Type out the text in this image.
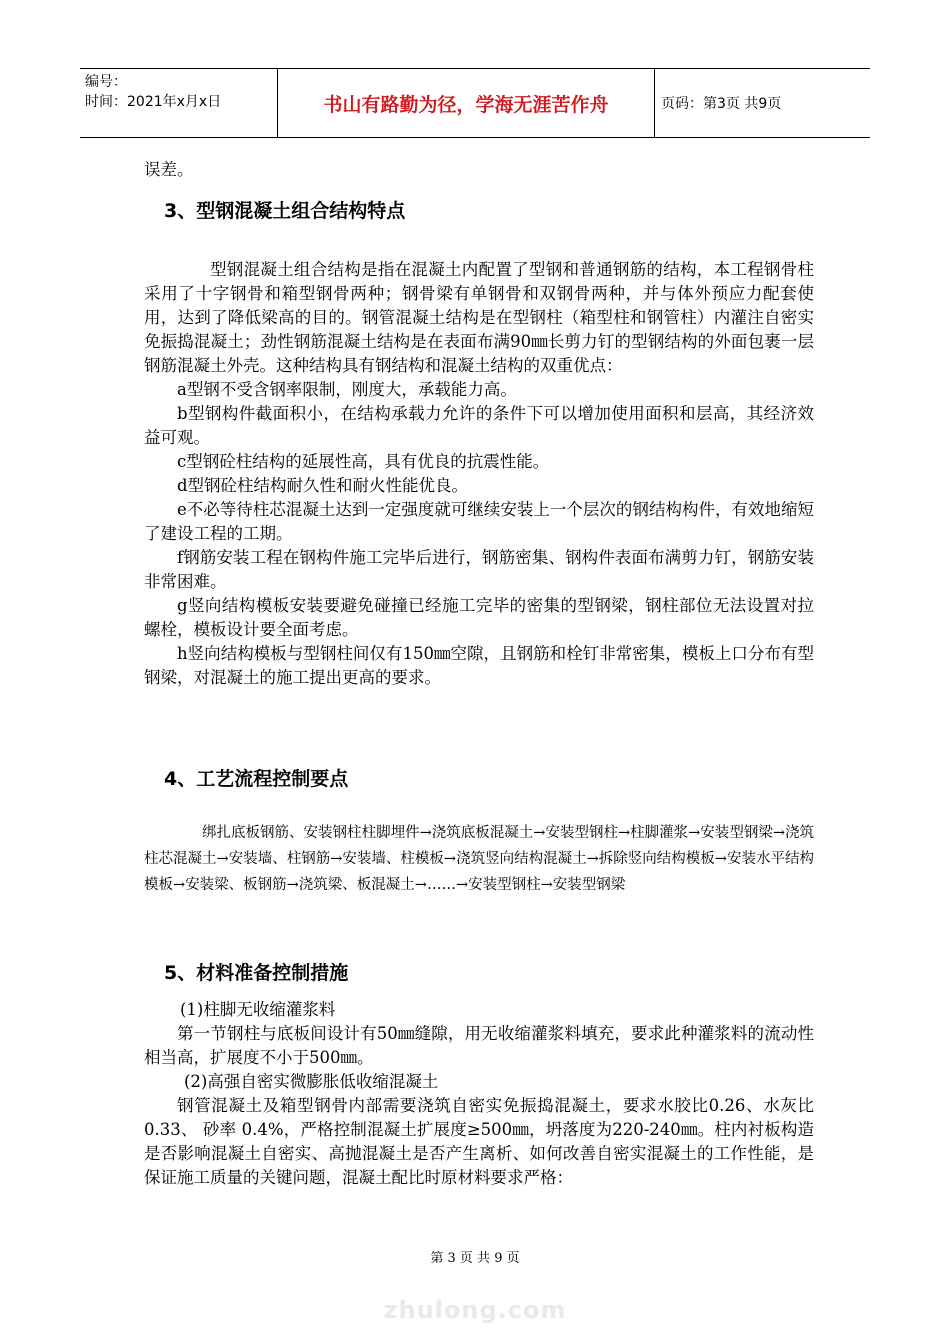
编号：
时间：2021年x月x日	书山有路勤为径，学海无涯苦作舟	页码：第3页 共9页

误差。

3、型钢混凝土组合结构特点

型钢混凝土组合结构是指在混凝土内配置了型钢和普通钢筋的结构，本工程钢骨柱采用了十字钢骨和箱型钢骨两种；钢骨梁有单钢骨和双钢骨两种，并与体外预应力配套使用，达到了降低梁高的目的。钢管混凝土结构是在型钢柱（箱型柱和钢管柱）内灌注自密实免振捣混凝土；劲性钢筋混凝土结构是在表面布满90㎜长剪力钉的型钢结构的外面包裹一层钢筋混凝土外壳。这种结构具有钢结构和混凝土结构的双重优点：

a型钢不受含钢率限制，刚度大，承载能力高。

b型钢构件截面积小，在结构承载力允许的条件下可以增加使用面积和层高，其经济效益可观。

c型钢砼柱结构的延展性高，具有优良的抗震性能。

d型钢砼柱结构耐久性和耐火性能优良。

e不必等待柱芯混凝土达到一定强度就可继续安装上一个层次的钢结构构件，有效地缩短了建设工程的工期。

f钢筋安装工程在钢构件施工完毕后进行，钢筋密集、钢构件表面布满剪力钉，钢筋安装非常困难。

g竖向结构模板安装要避免碰撞已经施工完毕的密集的型钢梁，钢柱部位无法设置对拉螺栓，模板设计要全面考虑。

h竖向结构模板与型钢柱间仅有150㎜空隙，且钢筋和栓钉非常密集，模板上口分布有型钢梁，对混凝土的施工提出更高的要求。

4、工艺流程控制要点

绑扎底板钢筋、安装钢柱柱脚埋件→浇筑底板混凝土→安装型钢柱→柱脚灌浆→安装型钢梁→浇筑柱芯混凝土→安装墙、柱钢筋→安装墙、柱模板→浇筑竖向结构混凝土→拆除竖向结构模板→安装水平结构模板→安装梁、板钢筋→浇筑梁、板混凝土→……→安装型钢柱→安装型钢梁

5、材料准备控制措施

(1)柱脚无收缩灌浆料

第一节钢柱与底板间设计有50㎜缝隙，用无收缩灌浆料填充，要求此种灌浆料的流动性相当高，扩展度不小于500㎜。

(2)高强自密实微膨胀低收缩混凝土

钢管混凝土及箱型钢骨内部需要浇筑自密实免振捣混凝土，要求水胶比0.26、水灰比 0.33、 砂率 0.4%，严格控制混凝土扩展度≥500㎜，坍落度为220-240㎜。柱内衬板构造是否影响混凝土自密实、高抛混凝土是否产生离析、如何改善自密实混凝土的工作性能，是保证施工质量的关键问题，混凝土配比时原材料要求严格：

第 3 页 共 9 页
zhulong.com
